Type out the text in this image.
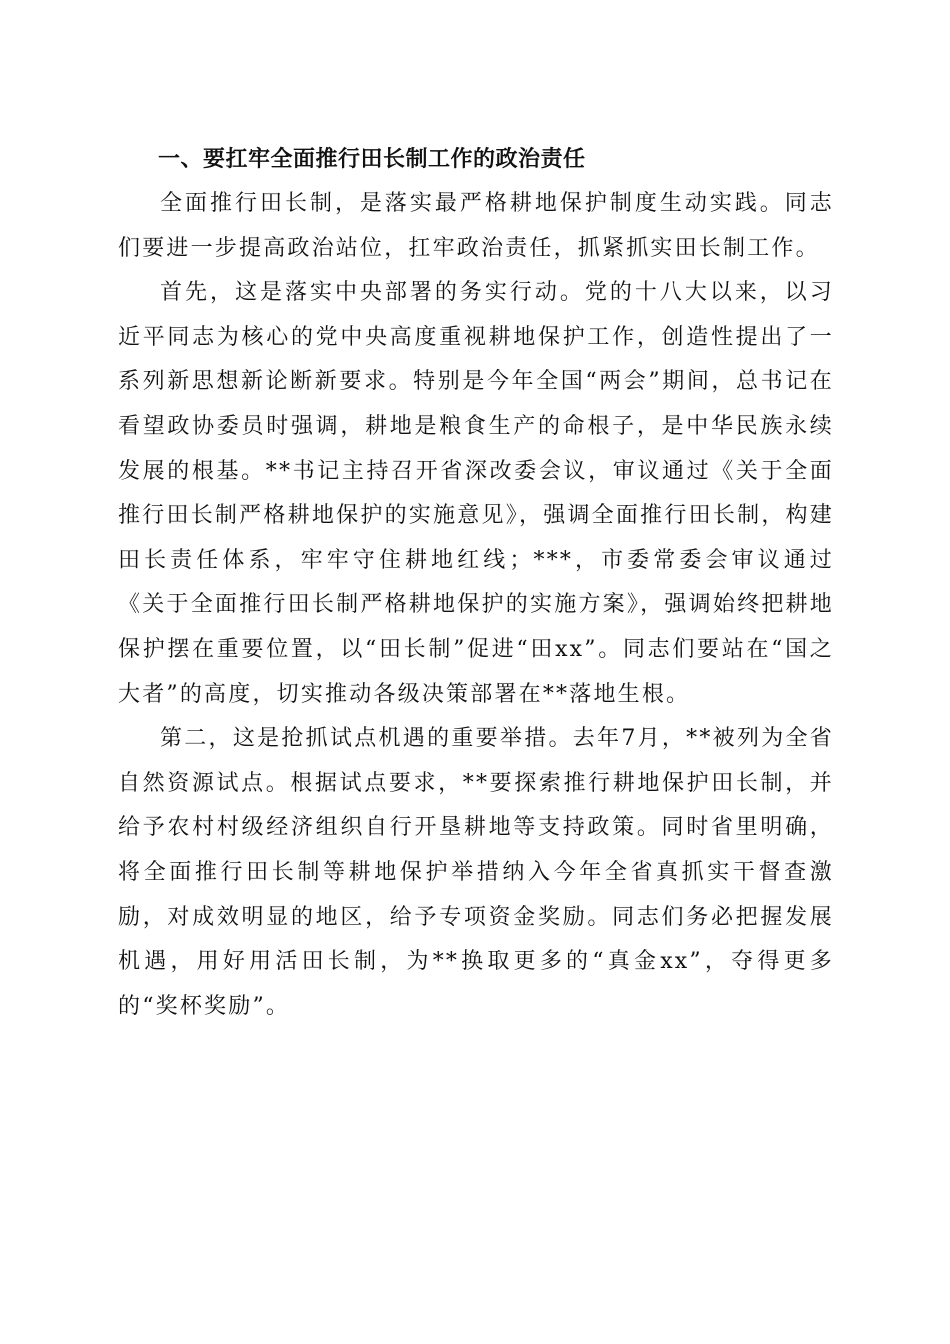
一、要扛牢全面推行田长制工作的政治责任

全面推行田长制，是落实最严格耕地保护制度生动实践。同志们要进一步提高政治站位，扛牢政治责任，抓紧抓实田长制工作。

首先，这是落实中央部署的务实行动。党的十八大以来，以习近平同志为核心的党中央高度重视耕地保护工作，创造性提出了一系列新思想新论断新要求。特别是今年全国“两会”期间，总书记在看望政协委员时强调，耕地是粮食生产的命根子，是中华民族永续发展的根基。**书记主持召开省深改委会议，审议通过《关于全面推行田长制严格耕地保护的实施意见》，强调全面推行田长制，构建田长责任体系，牢牢守住耕地红线；***，市委常委会审议通过《关于全面推行田长制严格耕地保护的实施方案》，强调始终把耕地保护摆在重要位置，以“田长制”促进“田xx”。同志们要站在“国之大者”的高度，切实推动各级决策部署在**落地生根。

第二，这是抢抓试点机遇的重要举措。去年7月，**被列为全省自然资源试点。根据试点要求，**要探索推行耕地保护田长制，并给予农村村级经济组织自行开垦耕地等支持政策。同时省里明确，将全面推行田长制等耕地保护举措纳入今年全省真抓实干督查激励，对成效明显的地区，给予专项资金奖励。同志们务必把握发展机遇，用好用活田长制，为**换取更多的“真金xx”，夺得更多的“奖杯奖励”。
